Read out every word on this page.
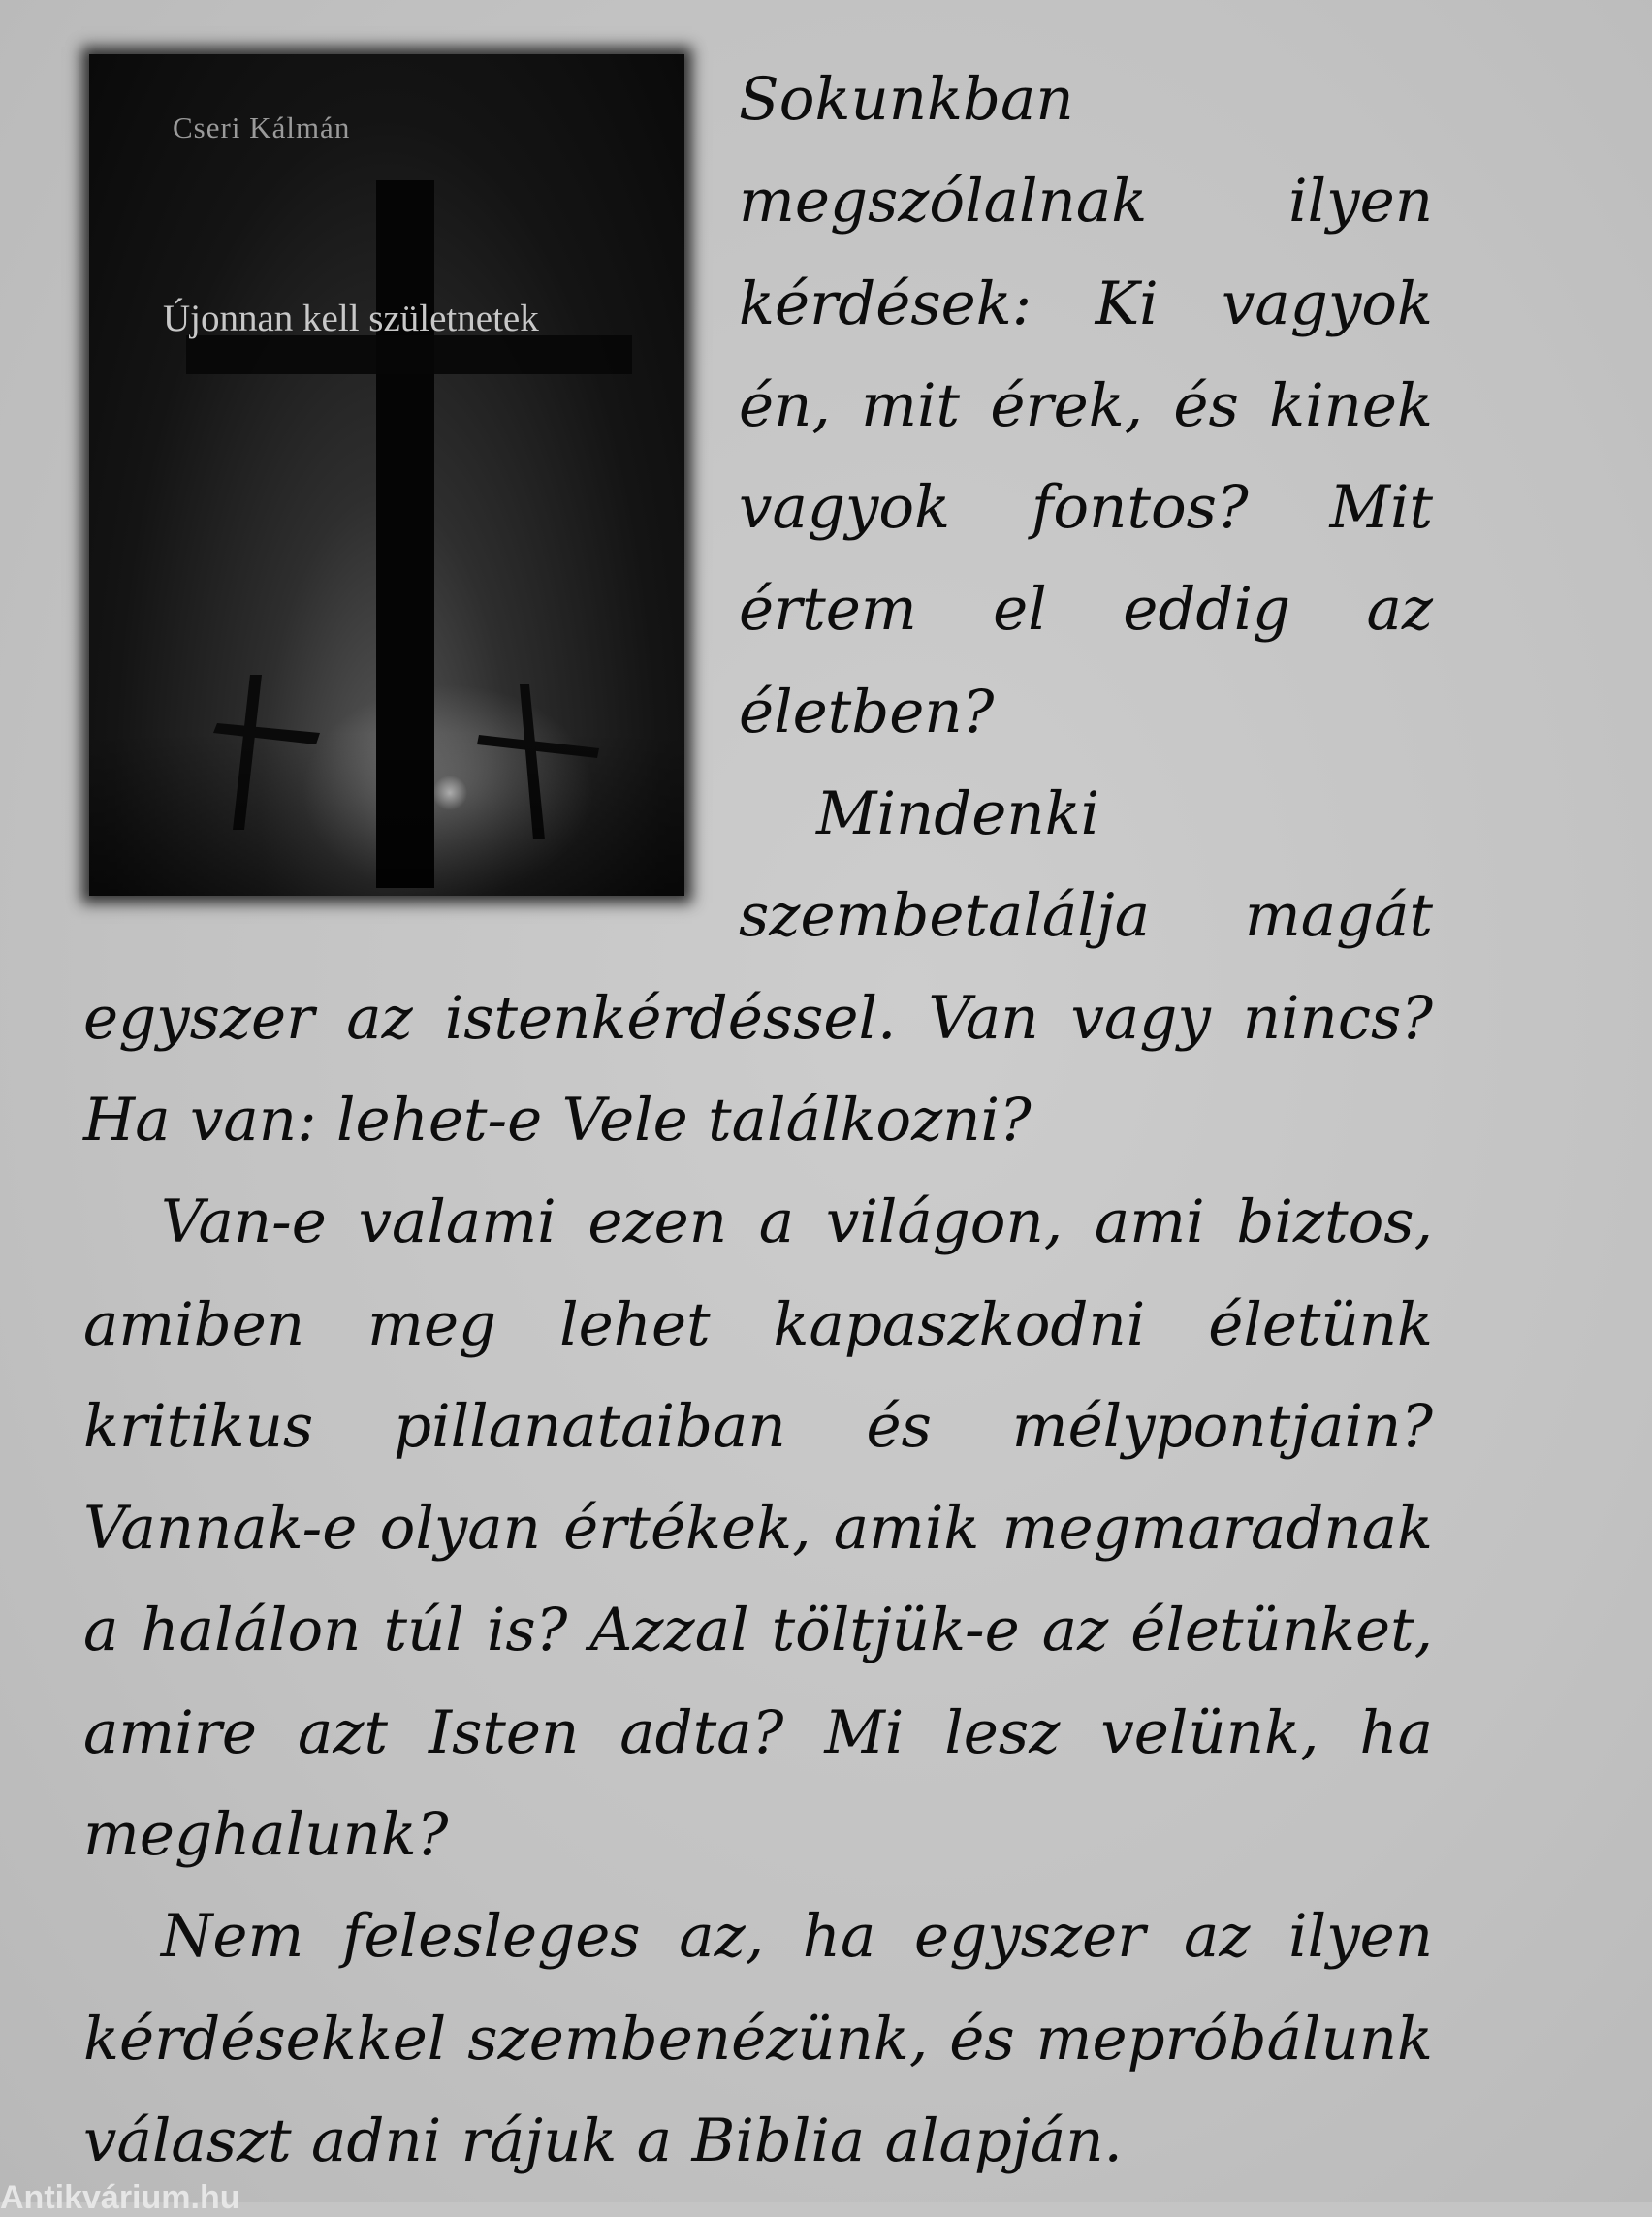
Cseri Kálmán
Újonnan kell születnetek

Sokunkban megszólalnak ilyen kérdések: Ki vagyok én, mit érek, és kinek vagyok fontos? Mit értem el eddig az életben?

Mindenki szembetalálja magát egyszer az istenkérdéssel. Van vagy nincs? Ha van: lehet-e Vele találkozni?

Van-e valami ezen a világon, ami biztos, amiben meg lehet kapaszkodni életünk kritikus pillanataiban és mélypontjain? Vannak-e olyan értékek, amik megmaradnak a halálon túl is? Azzal töltjük-e az életünket, amire azt Isten adta? Mi lesz velünk, ha meghalunk?

Nem felesleges az, ha egyszer az ilyen kérdésekkel szembenézünk, és mepróbálunk választ adni rájuk a Biblia alapján.

Antikvárium.hu
